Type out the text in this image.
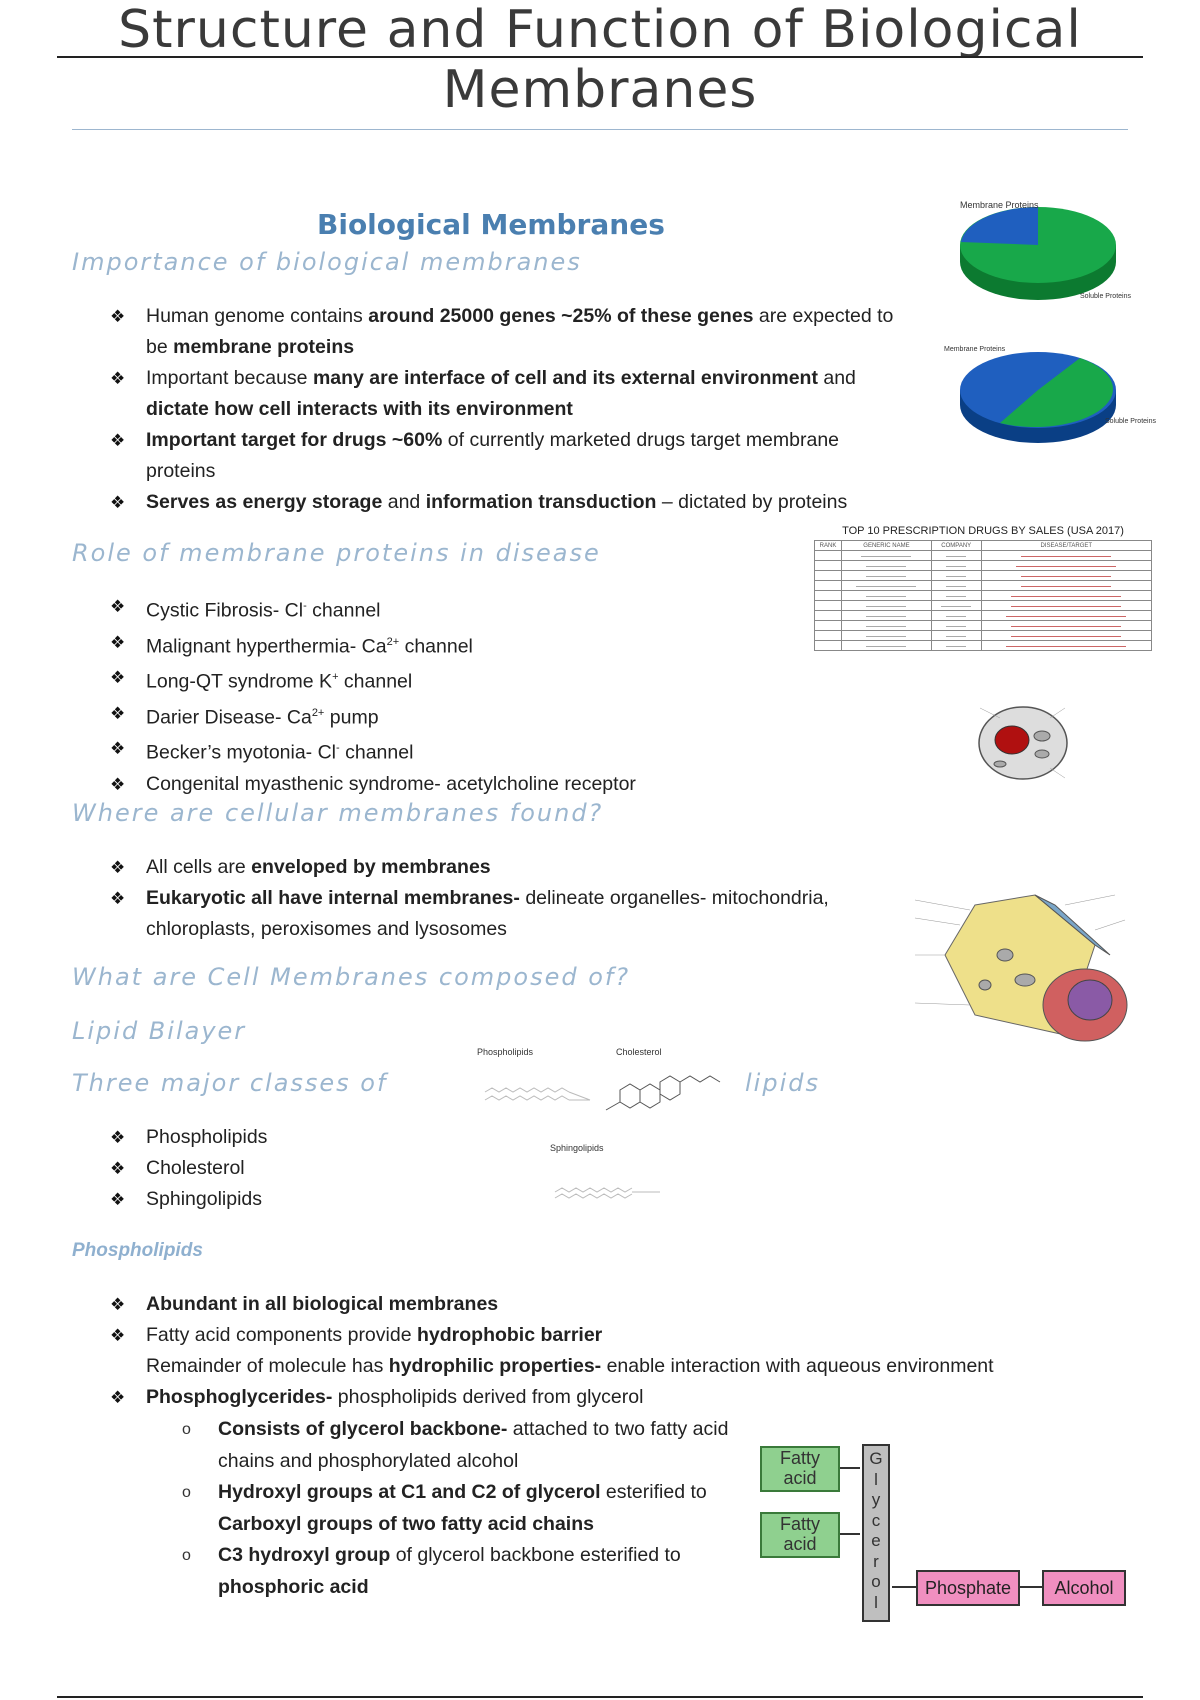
Structure and Function of Biological
Membranes
Biological Membranes
Importance of biological membranes
❖ Human genome contains around 25000 genes ~25% of these genes are expected to be membrane proteins
❖ Important because many are interface of cell and its external environment and dictate how cell interacts with its environment
❖ Important target for drugs ~60% of currently marketed drugs target membrane proteins
❖ Serves as energy storage and information transduction – dictated by proteins
Membrane Proteins
Soluble Proteins
Membrane Proteins
Soluble Proteins
Role of membrane proteins in disease
❖ Cystic Fibrosis- Cl- channel
❖ Malignant hyperthermia- $Ca^{2+}$ channel
❖ Long-QT syndrome K+ channel
❖ Darier Disease- $Ca^{2+}$ pump
❖ Becker’s myotonia- Cl- channel
❖ Congenital myasthenic syndrome- acetylcholine receptor
TOP 10 PRESCRIPTION DRUGS BY SALES (USA 2017)
RANK	GENERIC NAME	COMPANY	DISEASE/TARGET

Where are cellular membranes found?
❖ All cells are enveloped by membranes
❖ Eukaryotic all have internal membranes- delineate organelles- mitochondria, chloroplasts, peroxisomes and lysosomes
What are Cell Membranes composed of?
Lipid Bilayer
Three major classes of	lipids
Phospholipids	Cholesterol
Sphingolipids
❖ Phospholipids
❖ Cholesterol
❖ Sphingolipids
Phospholipids
❖ Abundant in all biological membranes
❖ Fatty acid components provide hydrophobic barrier
Remainder of molecule has hydrophilic properties- enable interaction with aqueous environment
❖ Phosphoglycerides- phospholipids derived from glycerol
o Consists of glycerol backbone- attached to two fatty acid chains and phosphorylated alcohol
o Hydroxyl groups at C1 and C2 of glycerol esterified to Carboxyl groups of two fatty acid chains
o C3 hydroxyl group of glycerol backbone esterified to phosphoric acid
Fatty acid
Fatty acid
G
l
y
c
e
r
o
l
Phosphate	Alcohol
